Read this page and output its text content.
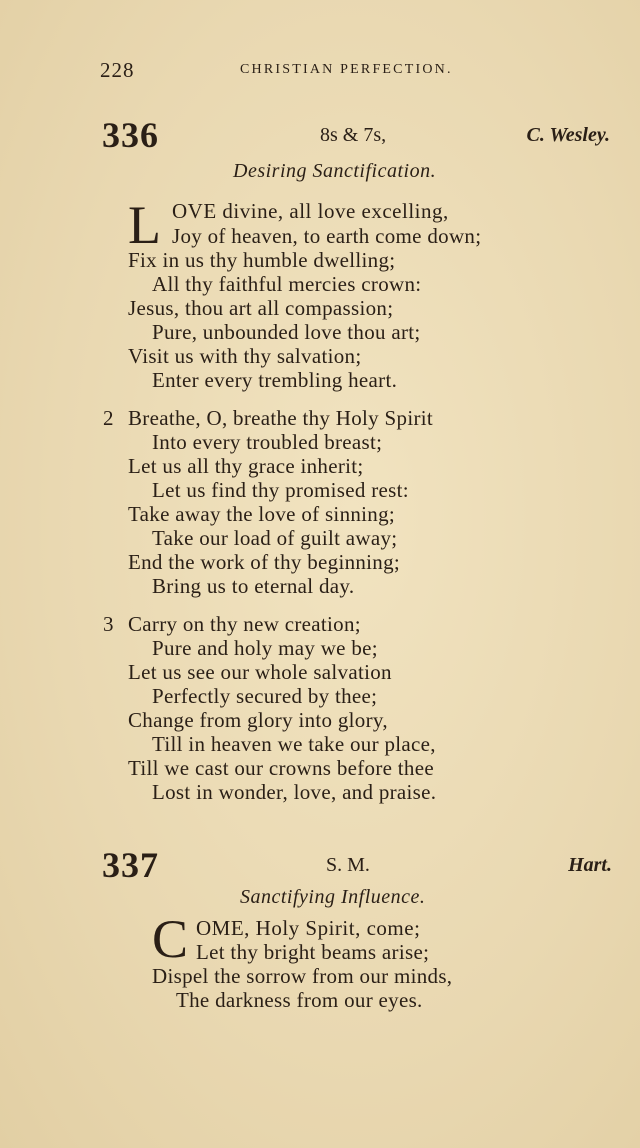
228	CHRISTIAN PERFECTION.
336	8s & 7s,	C. Wesley.
Desiring Sanctification.
L OVE divine, all love excelling,
Joy of heaven, to earth come down;
Fix in us thy humble dwelling;
All thy faithful mercies crown:
Jesus, thou art all compassion;
Pure, unbounded love thou art;
Visit us with thy salvation;
Enter every trembling heart.
2 Breathe, O, breathe thy Holy Spirit
Into every troubled breast;
Let us all thy grace inherit;
Let us find thy promised rest:
Take away the love of sinning;
Take our load of guilt away;
End the work of thy beginning;
Bring us to eternal day.
3 Carry on thy new creation;
Pure and holy may we be;
Let us see our whole salvation
Perfectly secured by thee;
Change from glory into glory,
Till in heaven we take our place,
Till we cast our crowns before thee
Lost in wonder, love, and praise.
337	S. M.	Hart.
Sanctifying Influence.
C OME, Holy Spirit, come;
Let thy bright beams arise;
Dispel the sorrow from our minds,
The darkness from our eyes.
